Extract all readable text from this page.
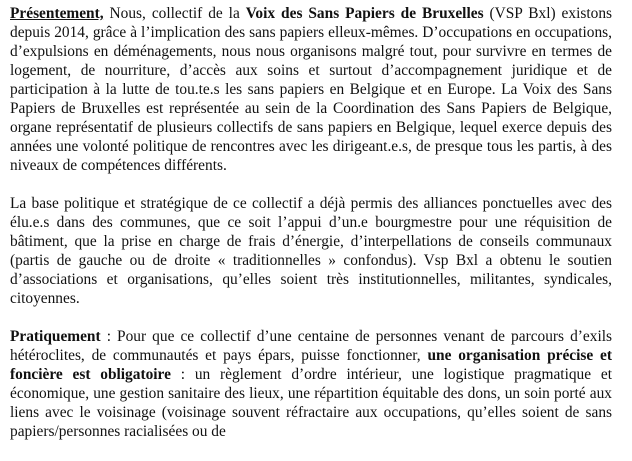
Présentement, Nous, collectif de la Voix des Sans Papiers de Bruxelles (VSP Bxl) existons depuis 2014, grâce à l’implication des sans papiers elleux-mêmes. D’occupations en occupations, d’expulsions en déménagements, nous nous organisons malgré tout, pour survivre en termes de logement, de nourriture, d’accès aux soins et surtout d’accompagnement juridique et de participation à la lutte de tou.te.s les sans papiers en Belgique et en Europe. La Voix des Sans Papiers de Bruxelles est représentée au sein de la Coordination des Sans Papiers de Belgique, organe représentatif de plusieurs collectifs de sans papiers en Belgique, lequel exerce depuis des années une volonté politique de rencontres avec les dirigeant.e.s, de presque tous les partis, à des niveaux de compétences différents.

La base politique et stratégique de ce collectif a déjà permis des alliances ponctuelles avec des élu.e.s dans des communes, que ce soit l’appui d’un.e bourgmestre pour une réquisition de bâtiment, que la prise en charge de frais d’énergie, d’interpellations de conseils communaux (partis de gauche ou de droite « traditionnelles » confondus). Vsp Bxl a obtenu le soutien d’associations et organisations, qu’elles soient très institutionnelles, militantes, syndicales, citoyennes.

Pratiquement : Pour que ce collectif d’une centaine de personnes venant de parcours d’exils hétéroclites, de communautés et pays épars, puisse fonctionner, une organisation précise et foncière est obligatoire : un règlement d’ordre intérieur, une logistique pragmatique et économique, une gestion sanitaire des lieux, une répartition équitable des dons, un soin porté aux liens avec le voisinage (voisinage souvent réfractaire aux occupations, qu’elles soient de sans papiers/personnes racialisées ou de
